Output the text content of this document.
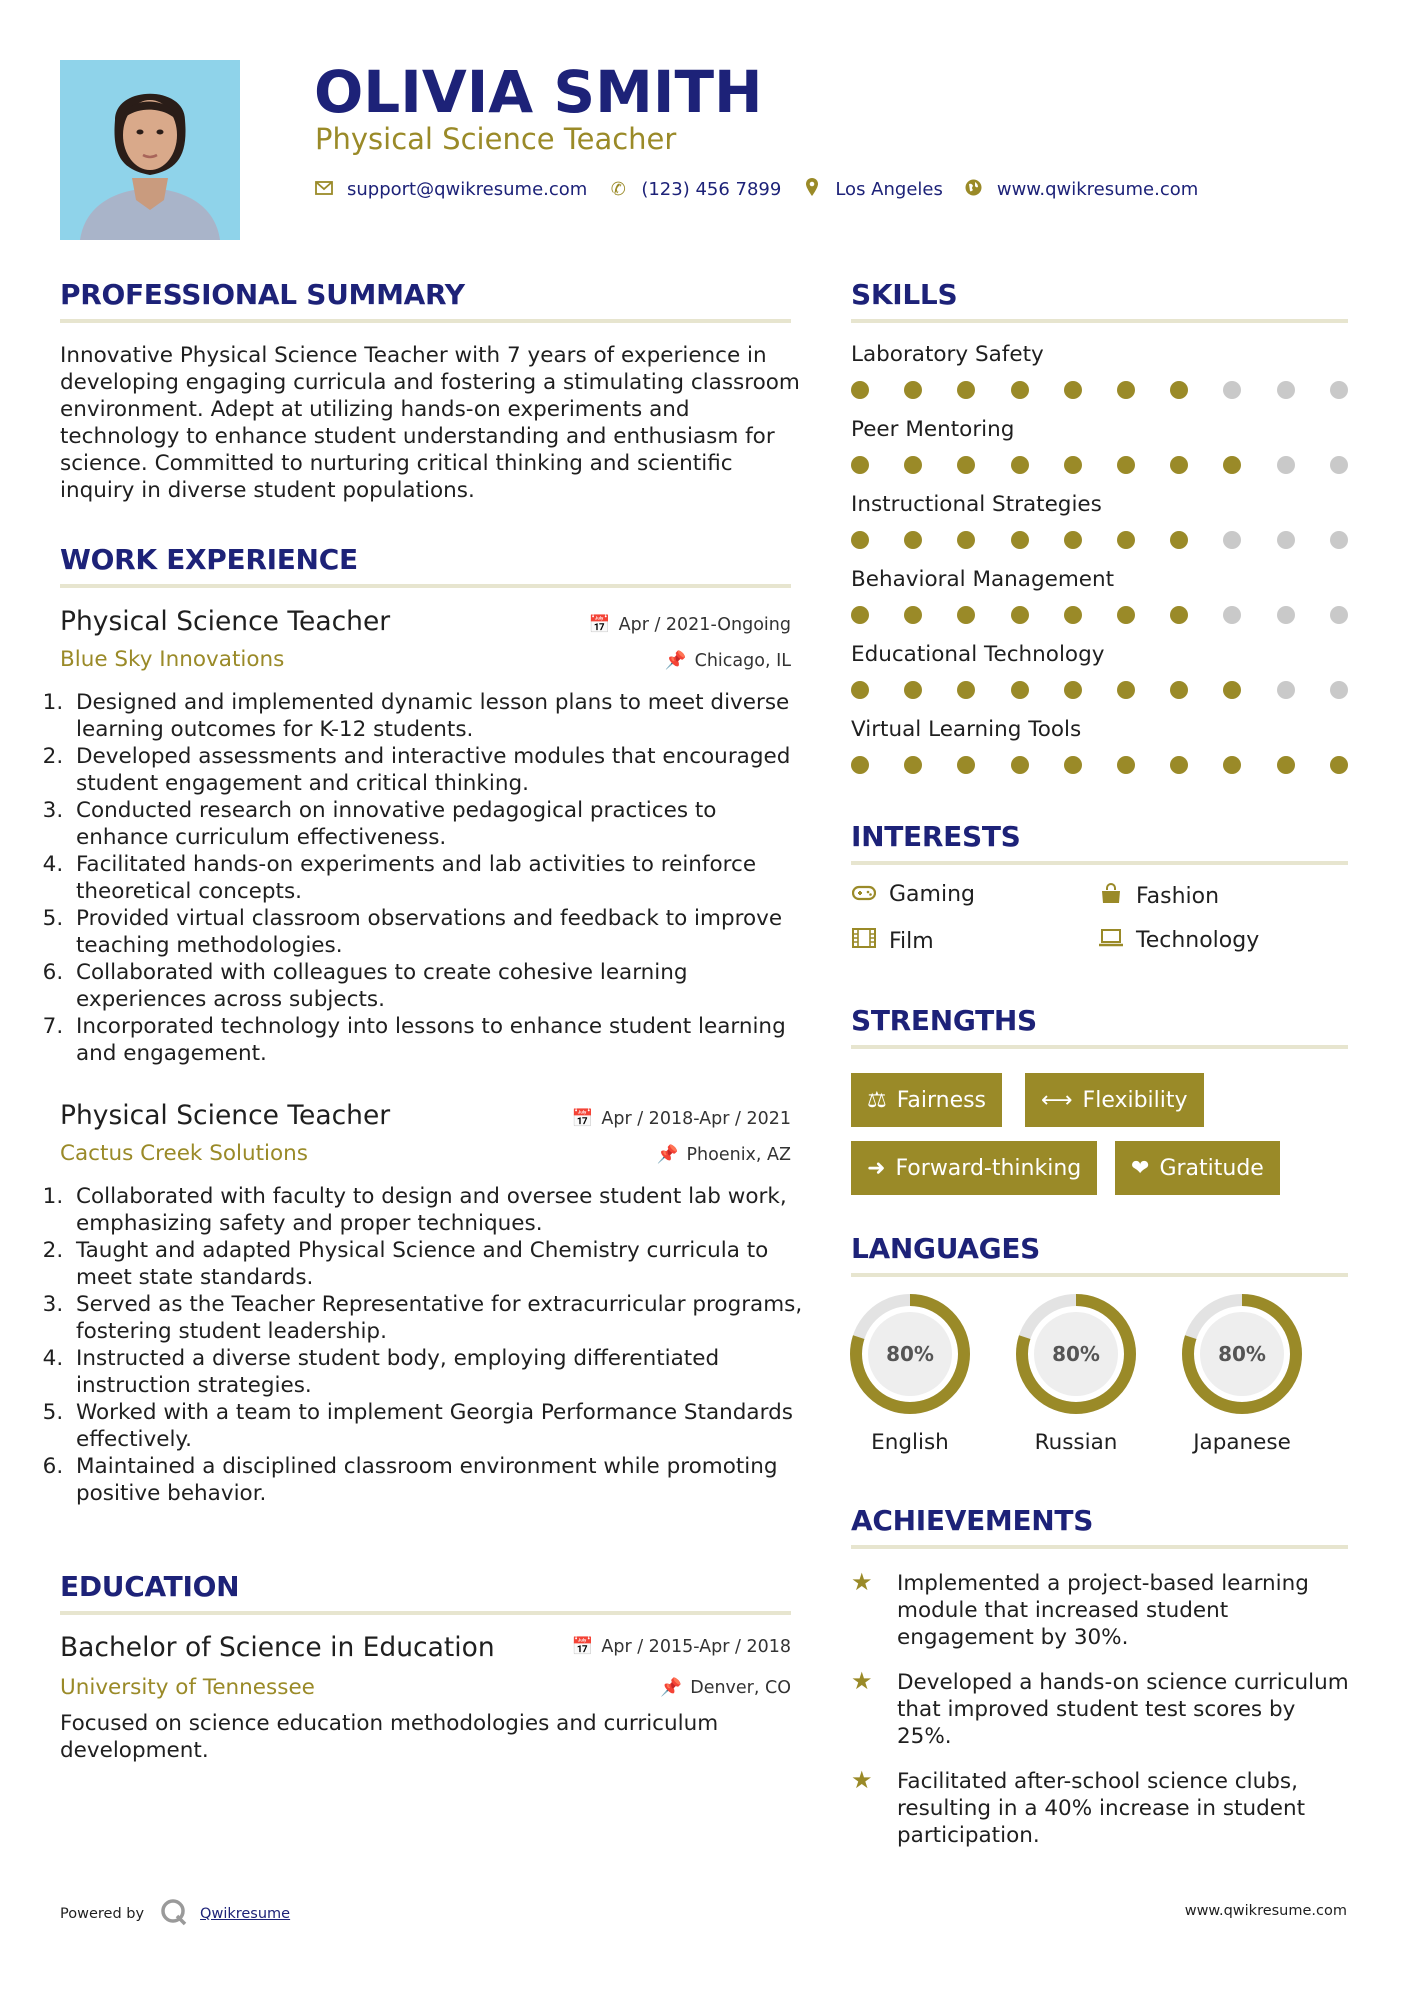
OLIVIA SMITH
Physical Science Teacher
support@qwikresume.com ✆ (123) 456 7899	Los Angeles	www.qwikresume.com
PROFESSIONAL SUMMARY
Innovative Physical Science Teacher with 7 years of experience in developing engaging curricula and fostering a stimulating classroom environment. Adept at utilizing hands-on experiments and technology to enhance student understanding and enthusiasm for science. Committed to nurturing critical thinking and scientific inquiry in diverse student populations.
WORK EXPERIENCE
Physical Science Teacher	📅 Apr / 2021-Ongoing
Blue Sky Innovations	📌 Chicago, IL
1. Designed and implemented dynamic lesson plans to meet diverse learning outcomes for K-12 students.
2. Developed assessments and interactive modules that encouraged student engagement and critical thinking.
3. Conducted research on innovative pedagogical practices to enhance curriculum effectiveness.
4. Facilitated hands-on experiments and lab activities to reinforce theoretical concepts.
5. Provided virtual classroom observations and feedback to improve teaching methodologies.
6. Collaborated with colleagues to create cohesive learning experiences across subjects.
7. Incorporated technology into lessons to enhance student learning and engagement.
Physical Science Teacher	📅 Apr / 2018-Apr / 2021
Cactus Creek Solutions	📌 Phoenix, AZ
1. Collaborated with faculty to design and oversee student lab work, emphasizing safety and proper techniques.
2. Taught and adapted Physical Science and Chemistry curricula to meet state standards.
3. Served as the Teacher Representative for extracurricular programs, fostering student leadership.
4. Instructed a diverse student body, employing differentiated instruction strategies.
5. Worked with a team to implement Georgia Performance Standards effectively.
6. Maintained a disciplined classroom environment while promoting positive behavior.
EDUCATION
Bachelor of Science in Education	📅 Apr / 2015-Apr / 2018
University of Tennessee	📌 Denver, CO
Focused on science education methodologies and curriculum development.
SKILLS
Laboratory Safety
Peer Mentoring
Instructional Strategies
Behavioral Management
Educational Technology
Virtual Learning Tools
INTERESTS
Gaming	Fashion
Film	Technology
STRENGTHS
⚖ Fairness ⟷ Flexibility
➜ Forward-thinking ❤ Gratitude
LANGUAGES
80%
English
80%
Russian
80%
Japanese
ACHIEVEMENTS
★	Implemented a project-based learning module that increased student engagement by 30%.
★	Developed a hands-on science curriculum that improved student test scores by 25%.
★	Facilitated after-school science clubs, resulting in a 40% increase in student participation.
Powered by	Qwikresume	www.qwikresume.com
